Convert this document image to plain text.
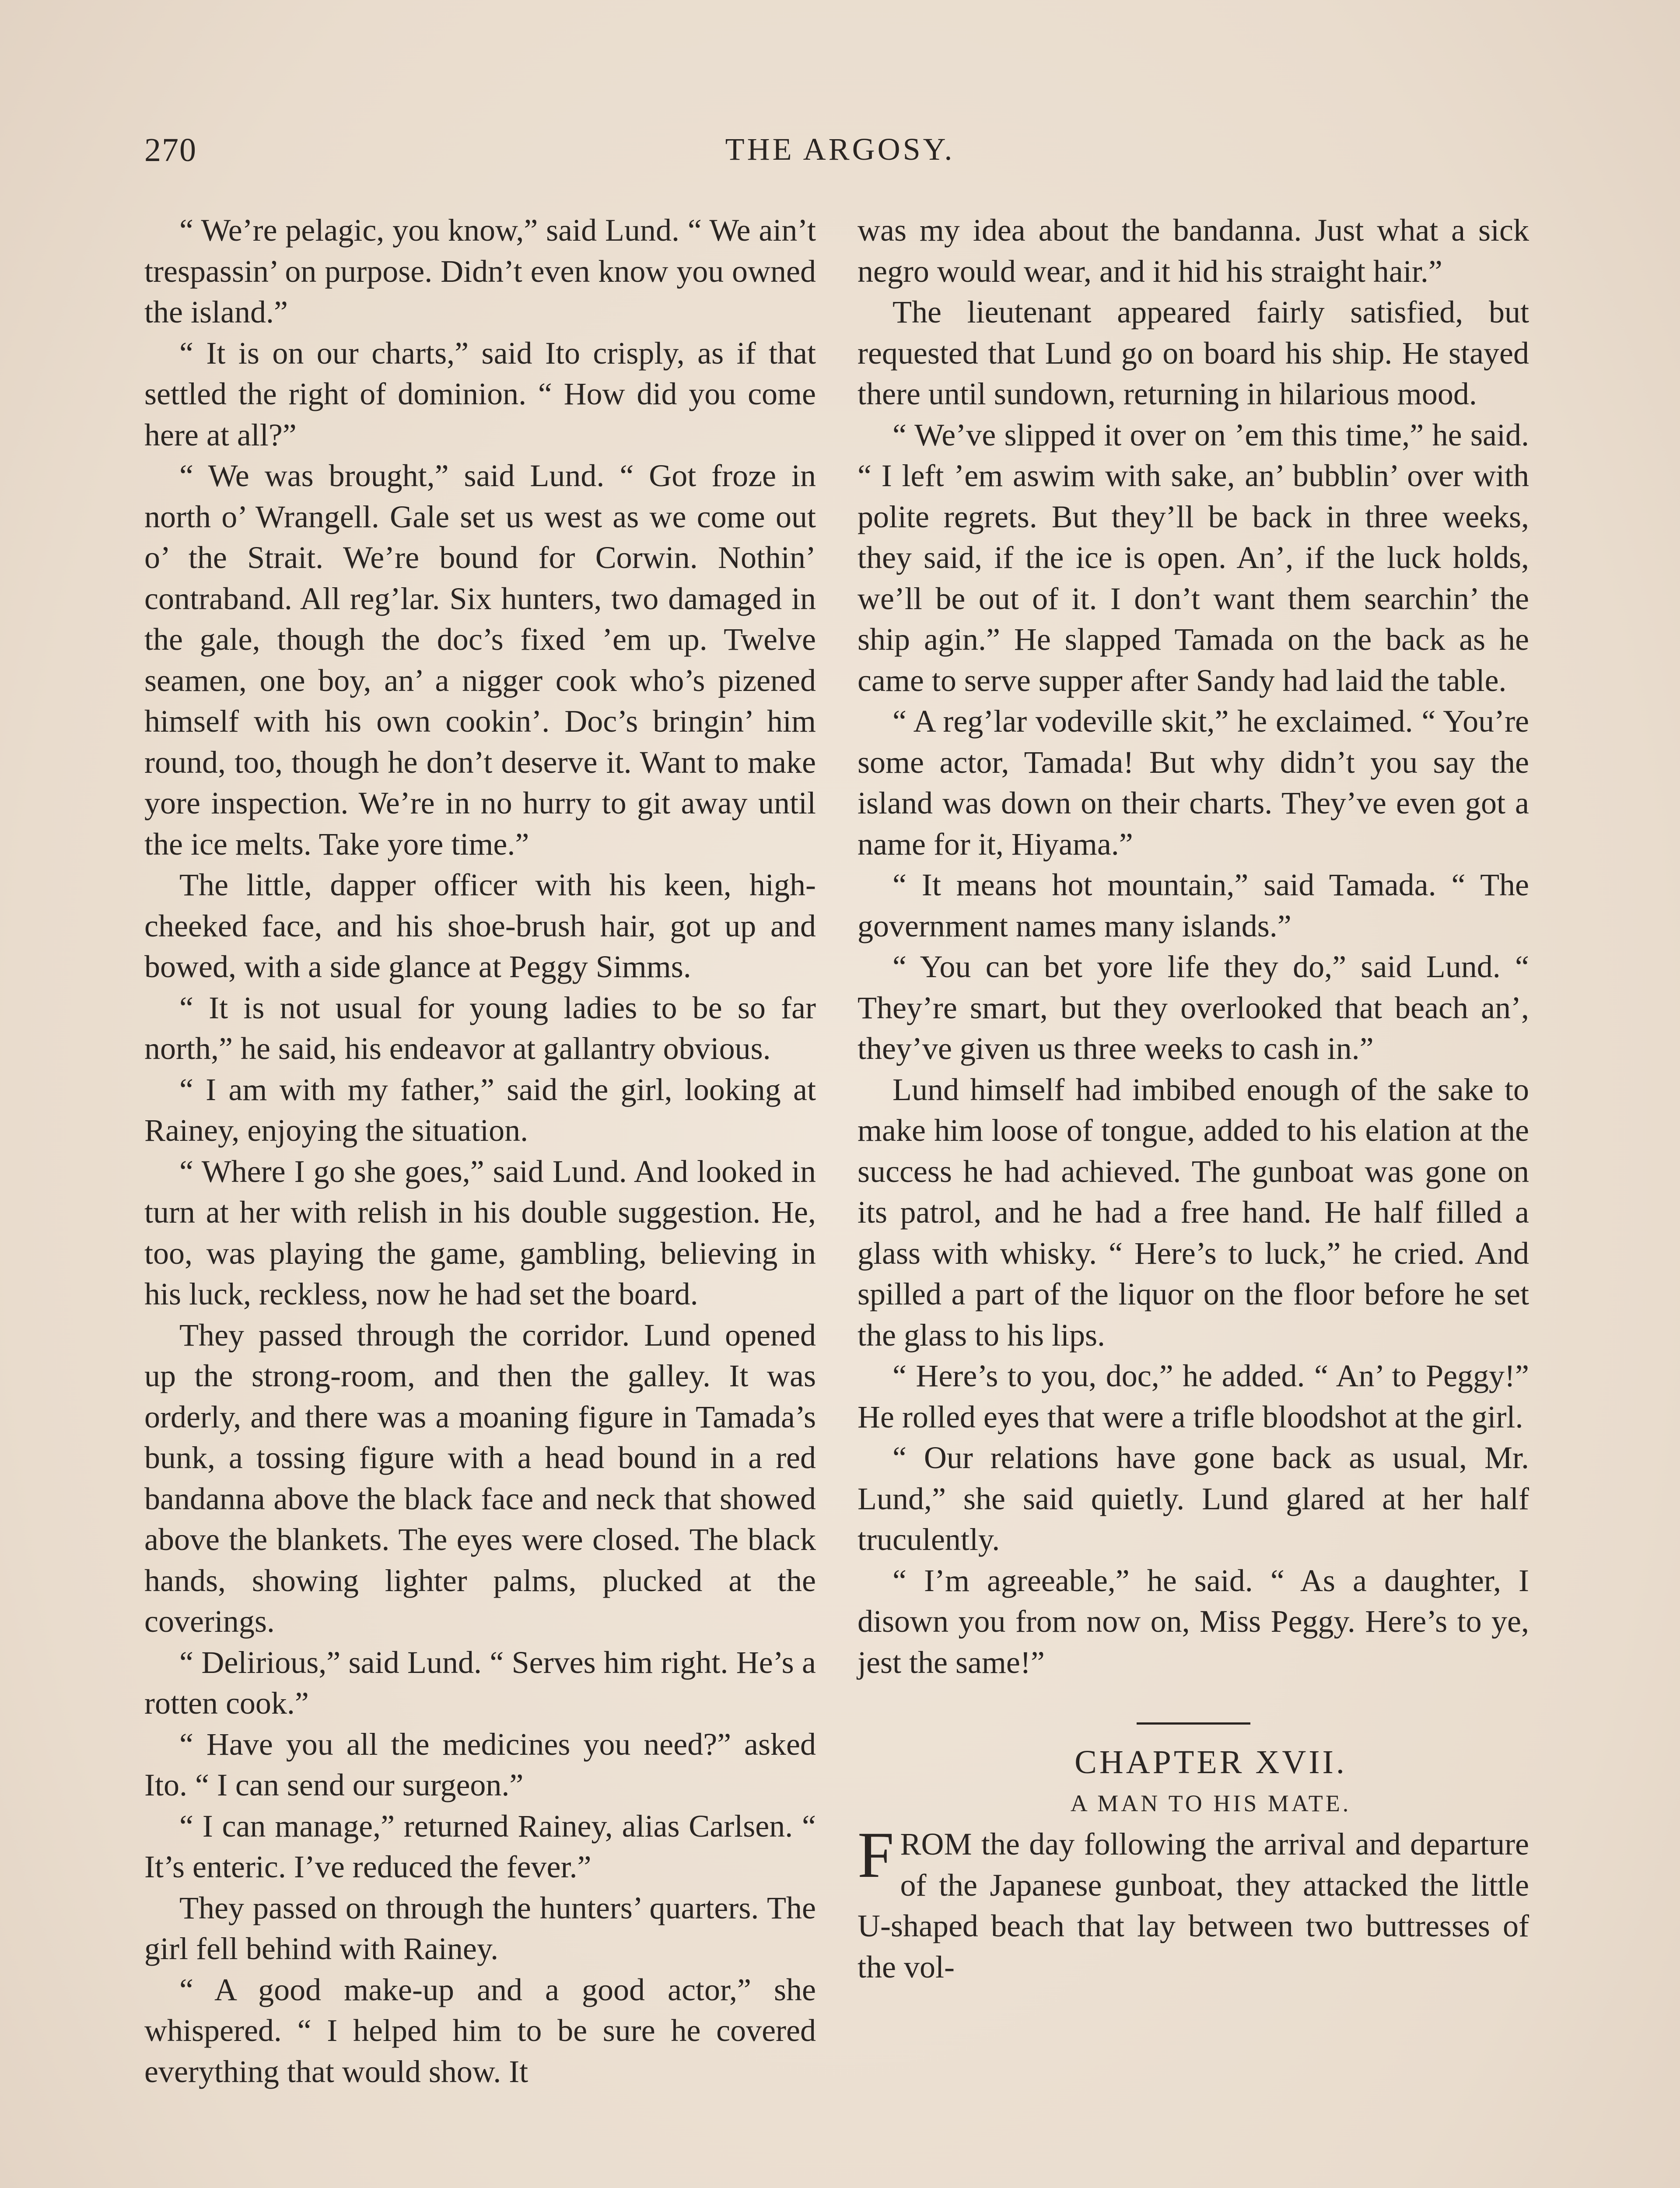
270	THE ARGOSY.

“ We’re pelagic, you know,” said Lund. “ We ain’t trespassin’ on purpose. Didn’t even know you owned the island.”

“ It is on our charts,” said Ito crisply, as if that settled the right of dominion. “ How did you come here at all?”

“ We was brought,” said Lund. “ Got froze in north o’ Wrangell. Gale set us west as we come out o’ the Strait. We’re bound for Corwin. Nothin’ contraband. All reg’lar. Six hunters, two damaged in the gale, though the doc’s fixed ’em up. Twelve seamen, one boy, an’ a nigger cook who’s pizened himself with his own cookin’. Doc’s bringin’ him round, too, though he don’t deserve it. Want to make yore inspection. We’re in no hurry to git away until the ice melts. Take yore time.”

The little, dapper officer with his keen, high-cheeked face, and his shoe-brush hair, got up and bowed, with a side glance at Peggy Simms.

“ It is not usual for young ladies to be so far north,” he said, his endeavor at gallantry obvious.

“ I am with my father,” said the girl, looking at Rainey, enjoying the situation.

“ Where I go she goes,” said Lund. And looked in turn at her with relish in his double suggestion. He, too, was playing the game, gambling, believing in his luck, reckless, now he had set the board.

They passed through the corridor. Lund opened up the strong-room, and then the galley. It was orderly, and there was a moaning figure in Tamada’s bunk, a tossing figure with a head bound in a red bandanna above the black face and neck that showed above the blankets. The eyes were closed. The black hands, showing lighter palms, plucked at the coverings.

“ Delirious,” said Lund. “ Serves him right. He’s a rotten cook.”

“ Have you all the medicines you need?” asked Ito. “ I can send our surgeon.”

“ I can manage,” returned Rainey, alias Carlsen. “ It’s enteric. I’ve reduced the fever.”

They passed on through the hunters’ quarters. The girl fell behind with Rainey.

“ A good make-up and a good actor,” she whispered. “ I helped him to be sure he covered everything that would show. It

was my idea about the bandanna. Just what a sick negro would wear, and it hid his straight hair.”

The lieutenant appeared fairly satisfied, but requested that Lund go on board his ship. He stayed there until sundown, returning in hilarious mood.

“ We’ve slipped it over on ’em this time,” he said. “ I left ’em aswim with sake, an’ bubblin’ over with polite regrets. But they’ll be back in three weeks, they said, if the ice is open. An’, if the luck holds, we’ll be out of it. I don’t want them searchin’ the ship agin.” He slapped Tamada on the back as he came to serve supper after Sandy had laid the table.

“ A reg’lar vodeville skit,” he exclaimed. “ You’re some actor, Tamada! But why didn’t you say the island was down on their charts. They’ve even got a name for it, Hiyama.”

“ It means hot mountain,” said Tamada. “ The government names many islands.”

“ You can bet yore life they do,” said Lund. “ They’re smart, but they overlooked that beach an’, they’ve given us three weeks to cash in.”

Lund himself had imbibed enough of the sake to make him loose of tongue, added to his elation at the success he had achieved. The gunboat was gone on its patrol, and he had a free hand. He half filled a glass with whisky. “ Here’s to luck,” he cried. And spilled a part of the liquor on the floor before he set the glass to his lips.

“ Here’s to you, doc,” he added. “ An’ to Peggy!” He rolled eyes that were a trifle bloodshot at the girl.

“ Our relations have gone back as usual, Mr. Lund,” she said quietly. Lund glared at her half truculently.

“ I’m agreeable,” he said. “ As a daughter, I disown you from now on, Miss Peggy. Here’s to ye, jest the same!”

CHAPTER XVII.

A MAN TO HIS MATE.

FROM the day following the arrival and departure of the Japanese gunboat, they attacked the little U-shaped beach that lay between two buttresses of the vol-
